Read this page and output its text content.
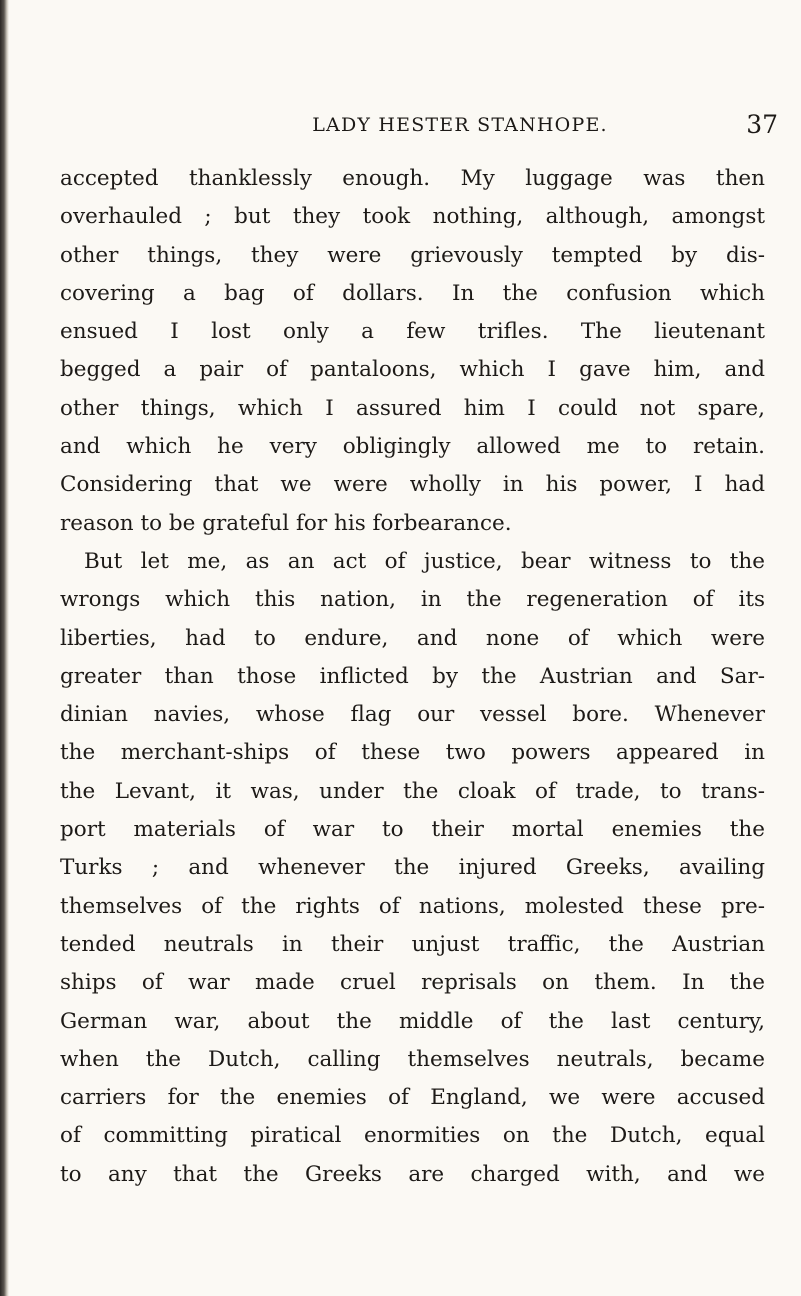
LADY HESTER STANHOPE.	37
accepted thanklessly enough. My luggage was then
overhauled ; but they took nothing, although, amongst
other things, they were grievously tempted by dis-
covering a bag of dollars. In the confusion which
ensued I lost only a few trifles. The lieutenant
begged a pair of pantaloons, which I gave him, and
other things, which I assured him I could not spare,
and which he very obligingly allowed me to retain.
Considering that we were wholly in his power, I had
reason to be grateful for his forbearance.
But let me, as an act of justice, bear witness to the
wrongs which this nation, in the regeneration of its
liberties, had to endure, and none of which were
greater than those inflicted by the Austrian and Sar-
dinian navies, whose flag our vessel bore. Whenever
the merchant-ships of these two powers appeared in
the Levant, it was, under the cloak of trade, to trans-
port materials of war to their mortal enemies the
Turks ; and whenever the injured Greeks, availing
themselves of the rights of nations, molested these pre-
tended neutrals in their unjust traffic, the Austrian
ships of war made cruel reprisals on them. In the
German war, about the middle of the last century,
when the Dutch, calling themselves neutrals, became
carriers for the enemies of England, we were accused
of committing piratical enormities on the Dutch, equal
to any that the Greeks are charged with, and we
